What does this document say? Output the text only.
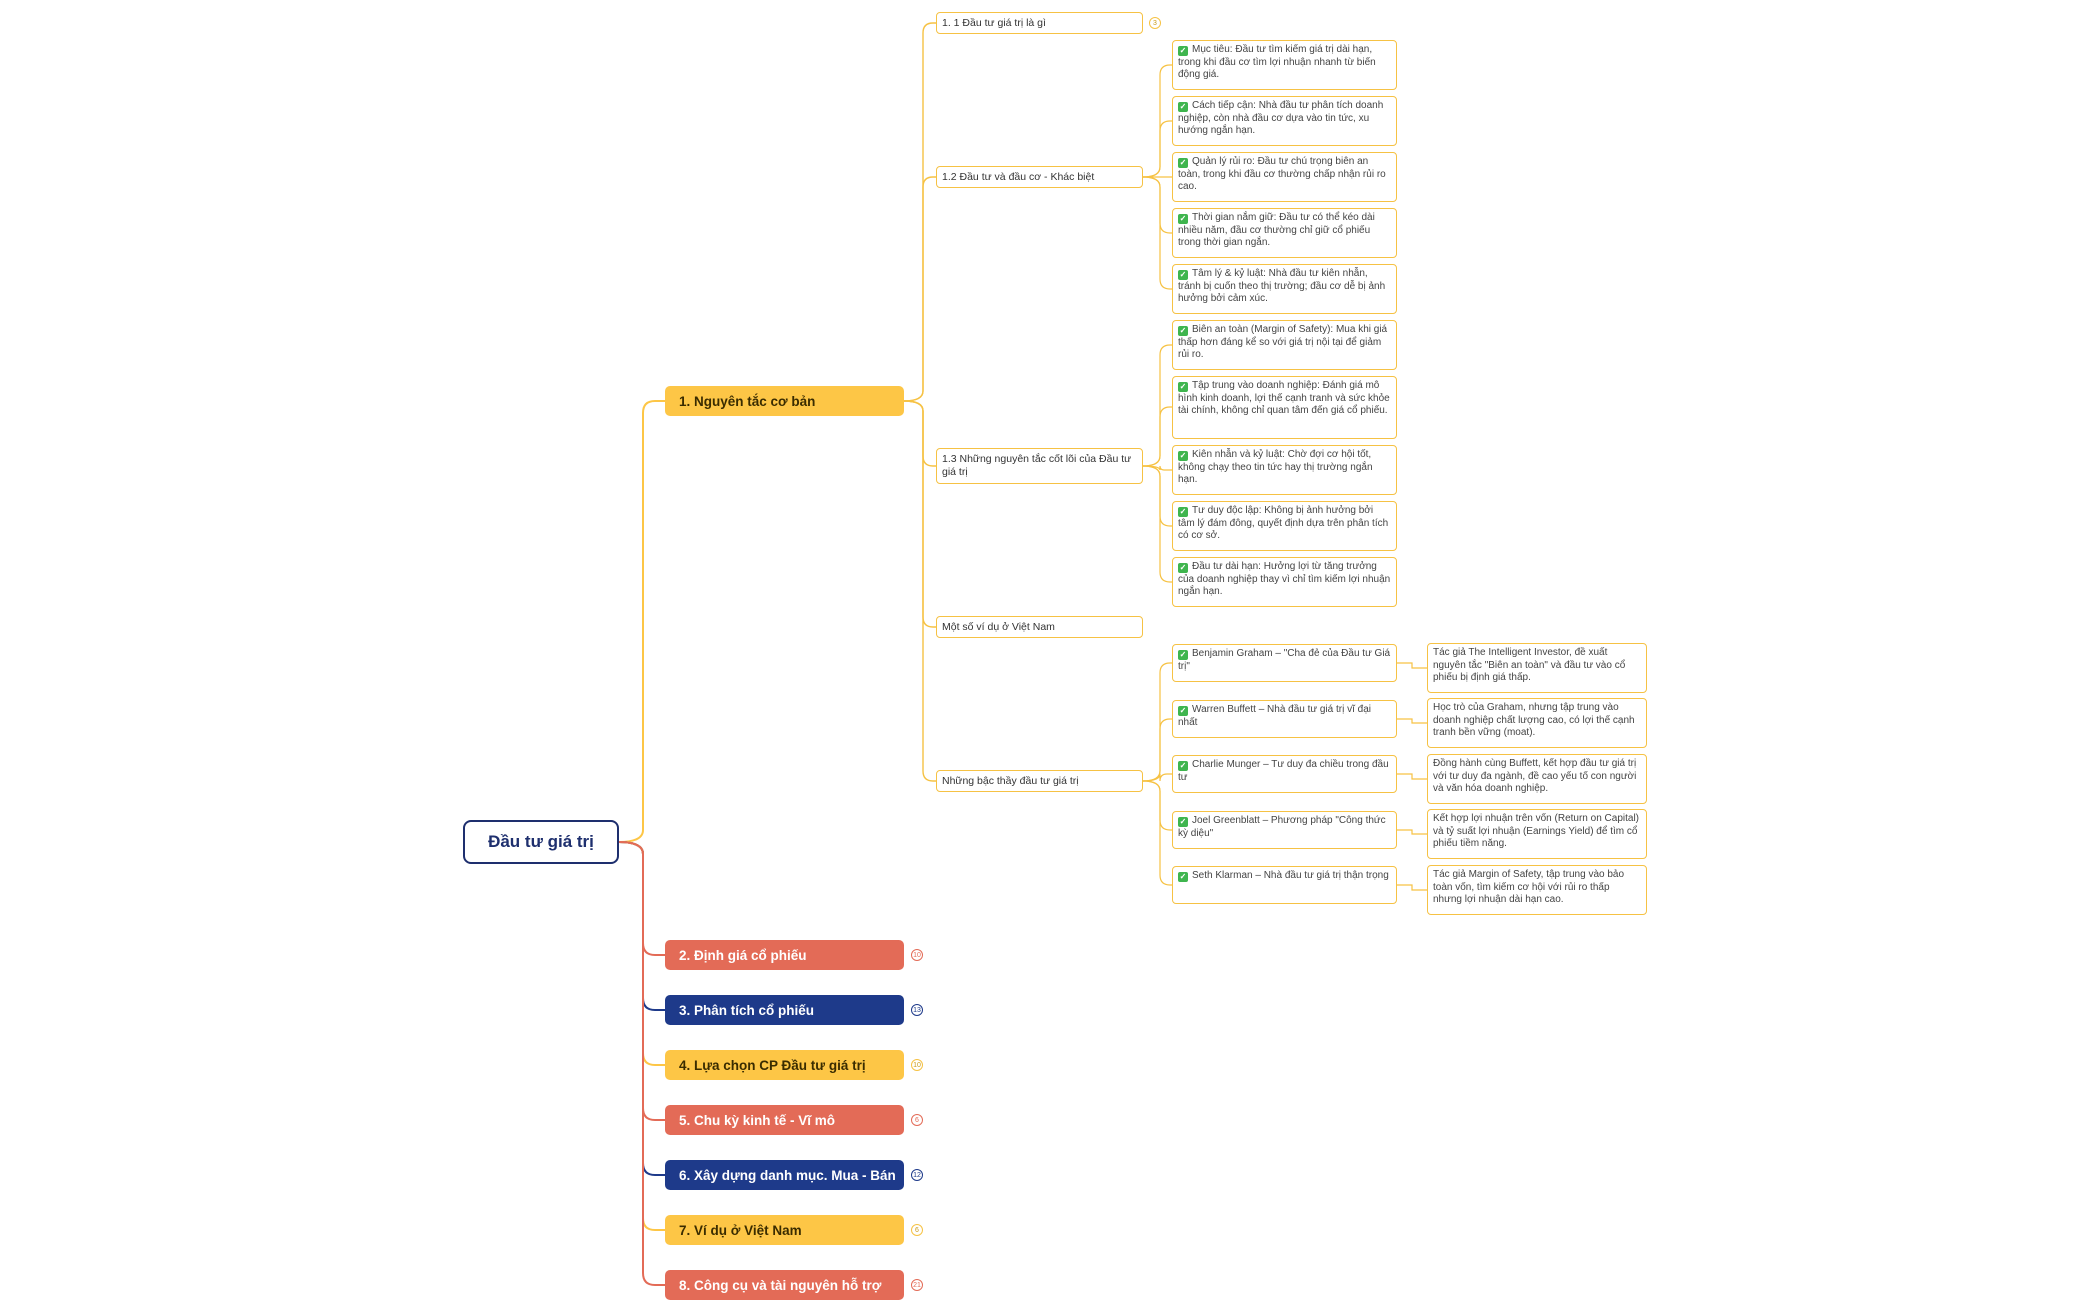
Đầu tư giá trị
1. Nguyên tắc cơ bản
2. Định giá cổ phiếu
3. Phân tích cổ phiếu
4. Lựa chọn CP Đầu tư giá trị
5. Chu kỳ kinh tế - Vĩ mô
6. Xây dựng danh mục. Mua - Bán
7. Ví dụ ở Việt Nam
8. Công cụ và tài nguyên hỗ trợ
10
13
10
6
12
6
21
1. 1 Đầu tư giá trị là gì	3
1.2 Đầu tư và đầu cơ - Khác biệt
1.3 Những nguyên tắc cốt lõi của Đầu tư giá trị
Một số ví dụ ở Việt Nam
Những bậc thầy đầu tư giá trị
✓ Mục tiêu: Đầu tư tìm kiếm giá trị dài hạn, trong khi đầu cơ tìm lợi nhuận nhanh từ biến động giá.
✓ Cách tiếp cận: Nhà đầu tư phân tích doanh nghiệp, còn nhà đầu cơ dựa vào tin tức, xu hướng ngắn hạn.
✓ Quản lý rủi ro: Đầu tư chú trọng biên an toàn, trong khi đầu cơ thường chấp nhận rủi ro cao.
✓ Thời gian nắm giữ: Đầu tư có thể kéo dài nhiều năm, đầu cơ thường chỉ giữ cổ phiếu trong thời gian ngắn.
✓ Tâm lý & kỷ luật: Nhà đầu tư kiên nhẫn, tránh bị cuốn theo thị trường; đầu cơ dễ bị ảnh hưởng bởi cảm xúc.
✓ Biên an toàn (Margin of Safety): Mua khi giá thấp hơn đáng kể so với giá trị nội tại để giảm rủi ro.
✓ Tập trung vào doanh nghiệp: Đánh giá mô hình kinh doanh, lợi thế cạnh tranh và sức khỏe tài chính, không chỉ quan tâm đến giá cổ phiếu.
✓ Kiên nhẫn và kỷ luật: Chờ đợi cơ hội tốt, không chạy theo tin tức hay thị trường ngắn hạn.
✓ Tư duy độc lập: Không bị ảnh hưởng bởi tâm lý đám đông, quyết định dựa trên phân tích có cơ sở.
✓ Đầu tư dài hạn: Hưởng lợi từ tăng trưởng của doanh nghiệp thay vì chỉ tìm kiếm lợi nhuận ngắn hạn.
✓ Benjamin Graham – "Cha đẻ của Đầu tư Giá trị"
✓ Warren Buffett – Nhà đầu tư giá trị vĩ đại nhất
✓ Charlie Munger – Tư duy đa chiều trong đầu tư
✓ Joel Greenblatt – Phương pháp "Công thức kỳ diệu"
✓ Seth Klarman – Nhà đầu tư giá trị thận trọng
Tác giả The Intelligent Investor, đề xuất nguyên tắc "Biên an toàn" và đầu tư vào cổ phiếu bị định giá thấp.
Học trò của Graham, nhưng tập trung vào doanh nghiệp chất lượng cao, có lợi thế cạnh tranh bền vững (moat).
Đồng hành cùng Buffett, kết hợp đầu tư giá trị với tư duy đa ngành, đề cao yếu tố con người và văn hóa doanh nghiệp.
Kết hợp lợi nhuận trên vốn (Return on Capital) và tỷ suất lợi nhuận (Earnings Yield) để tìm cổ phiếu tiềm năng.
Tác giả Margin of Safety, tập trung vào bảo toàn vốn, tìm kiếm cơ hội với rủi ro thấp nhưng lợi nhuận dài hạn cao.
